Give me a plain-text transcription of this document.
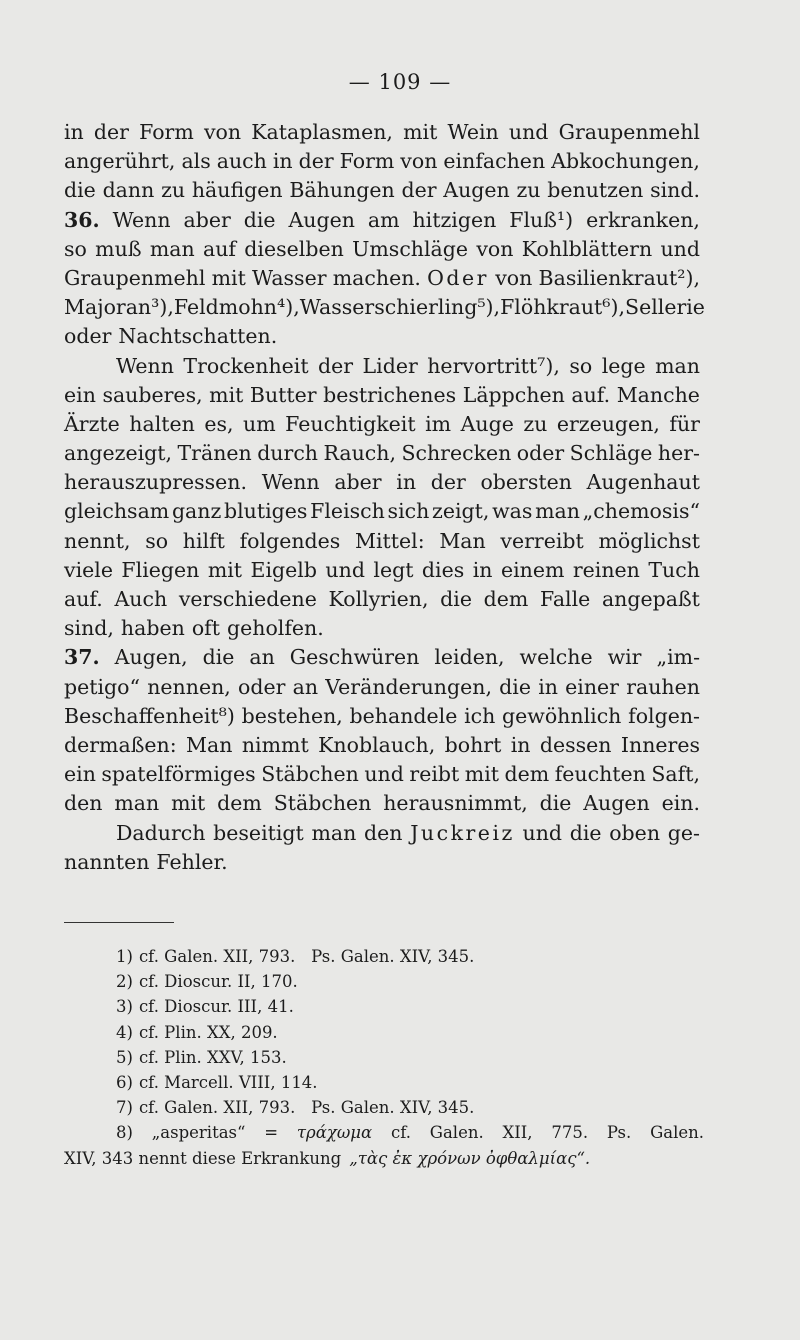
— 109 —
in der Form von Kataplasmen, mit Wein und Graupenmehl
angerührt, als auch in der Form von einfachen Abkochungen,
die dann zu häufigen Bähungen der Augen zu benutzen sind.
36. Wenn aber die Augen am hitzigen Fluß¹) erkranken,
so muß man auf dieselben Umschläge von Kohlblättern und
Graupenmehl mit Wasser machen. Oder von Basilienkraut²),
Majoran³), Feldmohn⁴), Wasserschierling⁵), Flöhkraut⁶), Sellerie
oder Nachtschatten.
Wenn Trockenheit der Lider hervortritt⁷), so lege man
ein sauberes, mit Butter bestrichenes Läppchen auf. Manche
Ärzte halten es, um Feuchtigkeit im Auge zu erzeugen, für
angezeigt, Tränen durch Rauch, Schrecken oder Schläge her-
herauszupressen. Wenn aber in der obersten Augenhaut
gleichsam ganz blutiges Fleisch sich zeigt, was man „chemosis“
nennt, so hilft folgendes Mittel: Man verreibt möglichst
viele Fliegen mit Eigelb und legt dies in einem reinen Tuch
auf. Auch verschiedene Kollyrien, die dem Falle angepaßt
sind, haben oft geholfen.
37. Augen, die an Geschwüren leiden, welche wir „im-
petigo“ nennen, oder an Veränderungen, die in einer rauhen
Beschaffenheit⁸) bestehen, behandele ich gewöhnlich folgen-
dermaßen: Man nimmt Knoblauch, bohrt in dessen Inneres
ein spatelförmiges Stäbchen und reibt mit dem feuchten Saft,
den man mit dem Stäbchen herausnimmt, die Augen ein.
Dadurch beseitigt man den Juckreiz und die oben ge-
nannten Fehler.
1) cf. Galen. XII, 793.   Ps. Galen. XIV, 345.
2) cf. Dioscur. II, 170.
3) cf. Dioscur. III, 41.
4) cf. Plin. XX, 209.
5) cf. Plin. XXV, 153.
6) cf. Marcell. VIII, 114.
7) cf. Galen. XII, 793.   Ps. Galen. XIV, 345.
8) „asperitas“ = τράχωμα cf. Galen. XII, 775. Ps. Galen.
XIV, 343 nennt diese Erkrankung „τὰς ἐκ χρόνων ὀφθαλμίας“.
